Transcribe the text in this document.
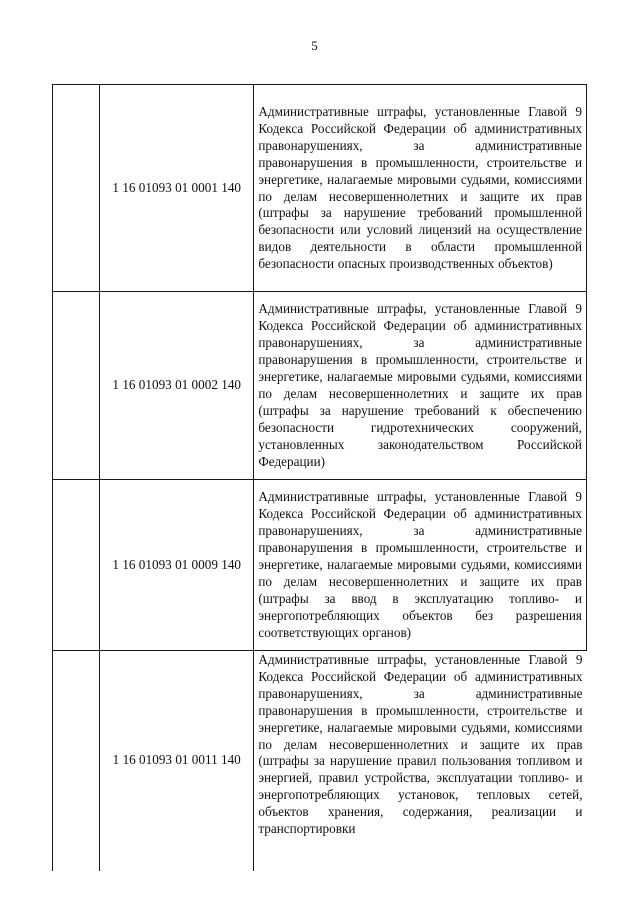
5
	1 16 01093 01 0001 140	Административные штрафы, установленные Главой 9 Кодекса Российской Федерации об административных правонарушениях, за административные правонарушения в промышленности, строительстве и энергетике, налагаемые мировыми судьями, комиссиями по делам несовершеннолетних и защите их прав (штрафы за нарушение требований промышленной безопасности или условий лицензий на осуществление видов деятельности в области промышленной безопасности опасных производственных объектов)

	1 16 01093 01 0002 140	Административные штрафы, установленные Главой 9 Кодекса Российской Федерации об административных правонарушениях, за административные правонарушения в промышленности, строительстве и энергетике, налагаемые мировыми судьями, комиссиями по делам несовершеннолетних и защите их прав (штрафы за нарушение требований к обеспечению безопасности гидротехнических сооружений, установленных законодательством Российской Федерации)

	1 16 01093 01 0009 140	Административные штрафы, установленные Главой 9 Кодекса Российской Федерации об административных правонарушениях, за административные правонарушения в промышленности, строительстве и энергетике, налагаемые мировыми судьями, комиссиями по делам несовершеннолетних и защите их прав (штрафы за ввод в эксплуатацию топливо- и энергопотребляющих объектов без разрешения соответствующих органов)

	1 16 01093 01 0011 140	Административные штрафы, установленные Главой 9 Кодекса Российской Федерации об административных правонарушениях, за административные правонарушения в промышленности, строительстве и энергетике, налагаемые мировыми судьями, комиссиями по делам несовершеннолетних и защите их прав (штрафы за нарушение правил пользования топливом и энергией, правил устройства, эксплуатации топливо- и энергопотребляющих установок, тепловых сетей, объектов хранения, содержания, реализации и транспортировки
